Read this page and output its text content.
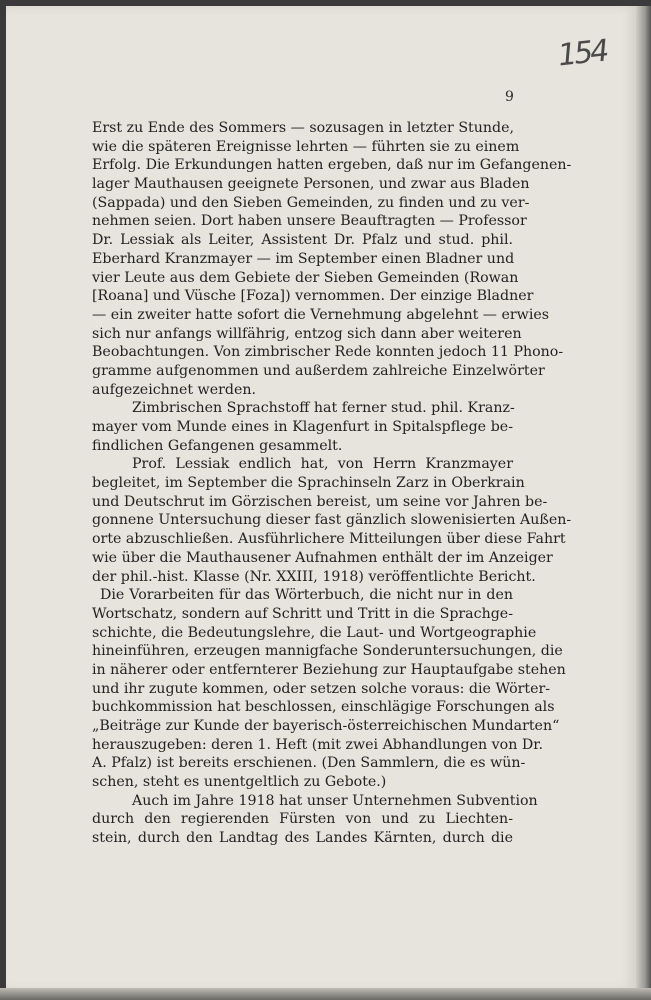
154
9
Erst zu Ende des Sommers — sozusagen in letzter Stunde,
wie die späteren Ereignisse lehrten — führten sie zu einem
Erfolg. Die Erkundungen hatten ergeben, daß nur im Gefangenen-
lager Mauthausen geeignete Personen, und zwar aus Bladen
(Sappada) und den Sieben Gemeinden, zu finden und zu ver-
nehmen seien. Dort haben unsere Beauftragten — Professor
Dr. Lessiak als Leiter, Assistent Dr. Pfalz und stud. phil.
Eberhard Kranzmayer — im September einen Bladner und
vier Leute aus dem Gebiete der Sieben Gemeinden (Rowan
[Roana] und Vüsche [Foza]) vernommen. Der einzige Bladner
— ein zweiter hatte sofort die Vernehmung abgelehnt — erwies
sich nur anfangs willfährig, entzog sich dann aber weiteren
Beobachtungen. Von zimbrischer Rede konnten jedoch 11 Phono-
gramme aufgenommen und außerdem zahlreiche Einzelwörter
aufgezeichnet werden.
Zimbrischen Sprachstoff hat ferner stud. phil. Kranz-
mayer vom Munde eines in Klagenfurt in Spitalspflege be-
findlichen Gefangenen gesammelt.
Prof. Lessiak endlich hat, von Herrn Kranzmayer
begleitet, im September die Sprachinseln Zarz in Oberkrain
und Deutschrut im Görzischen bereist, um seine vor Jahren be-
gonnene Untersuchung dieser fast gänzlich slowenisierten Außen-
orte abzuschließen. Ausführlichere Mitteilungen über diese Fahrt
wie über die Mauthausener Aufnahmen enthält der im Anzeiger
der phil.-hist. Klasse (Nr. XXIII, 1918) veröffentlichte Bericht.
Die Vorarbeiten für das Wörterbuch, die nicht nur in den
Wortschatz, sondern auf Schritt und Tritt in die Sprachge-
schichte, die Bedeutungslehre, die Laut- und Wortgeographie
hineinführen, erzeugen mannigfache Sonderuntersuchungen, die
in näherer oder entfernterer Beziehung zur Hauptaufgabe stehen
und ihr zugute kommen, oder setzen solche voraus: die Wörter-
buchkommission hat beschlossen, einschlägige Forschungen als
„Beiträge zur Kunde der bayerisch-österreichischen Mundarten“
herauszugeben: deren 1. Heft (mit zwei Abhandlungen von Dr.
A. Pfalz) ist bereits erschienen. (Den Sammlern, die es wün-
schen, steht es unentgeltlich zu Gebote.)
Auch im Jahre 1918 hat unser Unternehmen Subvention
durch den regierenden Fürsten von und zu Liechten-
stein, durch den Landtag des Landes Kärnten, durch die
